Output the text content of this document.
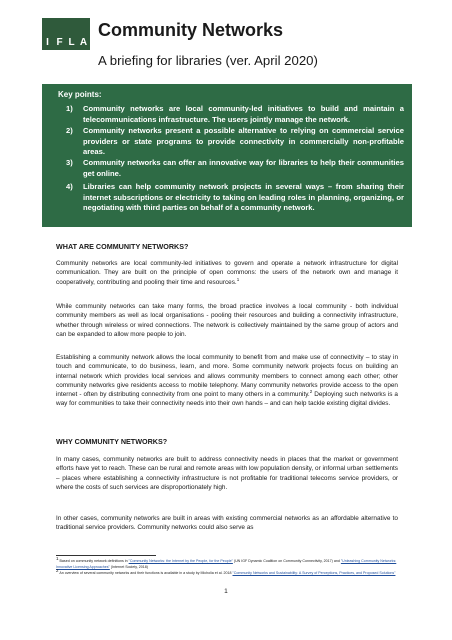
I F L A
Community Networks
A briefing for libraries (ver. April 2020)
Key points:
1) Community networks are local community-led initiatives to build and maintain a telecommunications infrastructure. The users jointly manage the network.
2) Community networks present a possible alternative to relying on commercial service providers or state programs to provide connectivity in commercially non-profitable areas.
3) Community networks can offer an innovative way for libraries to help their communities get online.
4) Libraries can help community network projects in several ways – from sharing their internet subscriptions or electricity to taking on leading roles in planning, organizing, or negotiating with third parties on behalf of a community network.
WHAT ARE COMMUNITY NETWORKS?
Community networks are local community-led initiatives to govern and operate a network infrastructure for digital communication. They are built on the principle of open commons: the users of the network own and manage it cooperatively, contributing and pooling their time and resources.$^1$
While community networks can take many forms, the broad practice involves a local community - both individual community members as well as local organisations - pooling their resources and building a connectivity infrastructure, whether through wireless or wired connections. The network is collectively maintained by the same group of actors and can be expanded to allow more people to join.
Establishing a community network allows the local community to benefit from and make use of connectivity – to stay in touch and communicate, to do business, learn, and more. Some community network projects focus on building an internal network which provides local services and allows community members to connect among each other; other community networks give residents access to mobile telephony. Many community networks provide access to the open internet - often by distributing connectivity from one point to many others in a community.$^2$ Deploying such networks is a way for communities to take their connectivity needs into their own hands – and can help tackle existing digital divides.
WHY COMMUNITY NETWORKS?
In many cases, community networks are built to address connectivity needs in places that the market or government efforts have yet to reach. These can be rural and remote areas with low population density, or informal urban settlements – places where establishing a connectivity infrastructure is not profitable for traditional telecoms service providers, or where the costs of such services are disproportionately high.
In other cases, community networks are built in areas with existing commercial networks as an affordable alternative to traditional service providers. Community networks could also serve as
1 Based on community network definitions in "Community Networks: the Internet by the People, for the People" (UN IGF Dynamic Coalition on Community Connectivity, 2017) and "Unleashing Community Networks: Innovative Licensing Approaches" (Internet Society, 2018)
2 An overview of several community networks and their functions is available in a study by Micholia et al. 2018 "Community Networks and Sustainability: A Survey of Perceptions, Practices, and Proposed Solutions"
1
